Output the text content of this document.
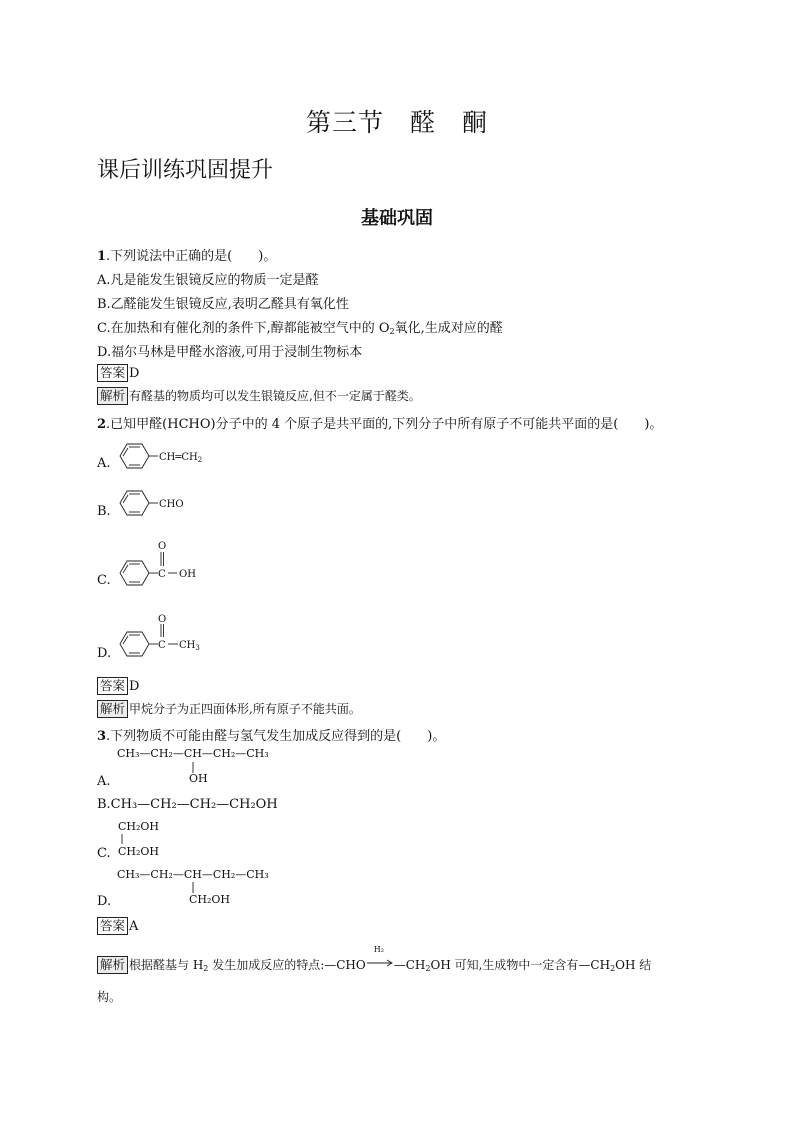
第三节　醛　酮
课后训练巩固提升
基础巩固
1.下列说法中正确的是(　　)。
A.凡是能发生银镜反应的物质一定是醛
B.乙醛能发生银镜反应,表明乙醛具有氧化性
C.在加热和有催化剂的条件下,醇都能被空气中的 $O_2$氧化,生成对应的醛
D.福尔马林是甲醛水溶液,可用于浸制生物标本
答案 D
解析 有醛基的物质均可以发生银镜反应,但不一定属于醛类。
2.已知甲醛(HCHO)分子中的 4 个原子是共平面的,下列分子中所有原子不可能共平面的是(　　)。
A.	$CH═CH_2$
B.	CHO
C.
O
C OH
D.
O
C $CH_3$
答案 D
解析 甲烷分子为正四面体形,所有原子不能共面。
3.下列物质不可能由醛与氢气发生加成反应得到的是(　　)。
CH₃—CH₂—CH—CH₂—CH₃
OH
A.
B.CH₃—CH₂—CH₂—CH₂OH
CH₂OH
CH₂OH
C.
CH₃—CH₂—CH—CH₂—CH₃
CH₂OH
D.
答案 A
解析 根据醛基与 $H_2$ 发生加成反应的特点:—CHO
H₂
$—CH_2OH$ 可知,生成物中一定含有$—CH_2OH$ 结
构。
